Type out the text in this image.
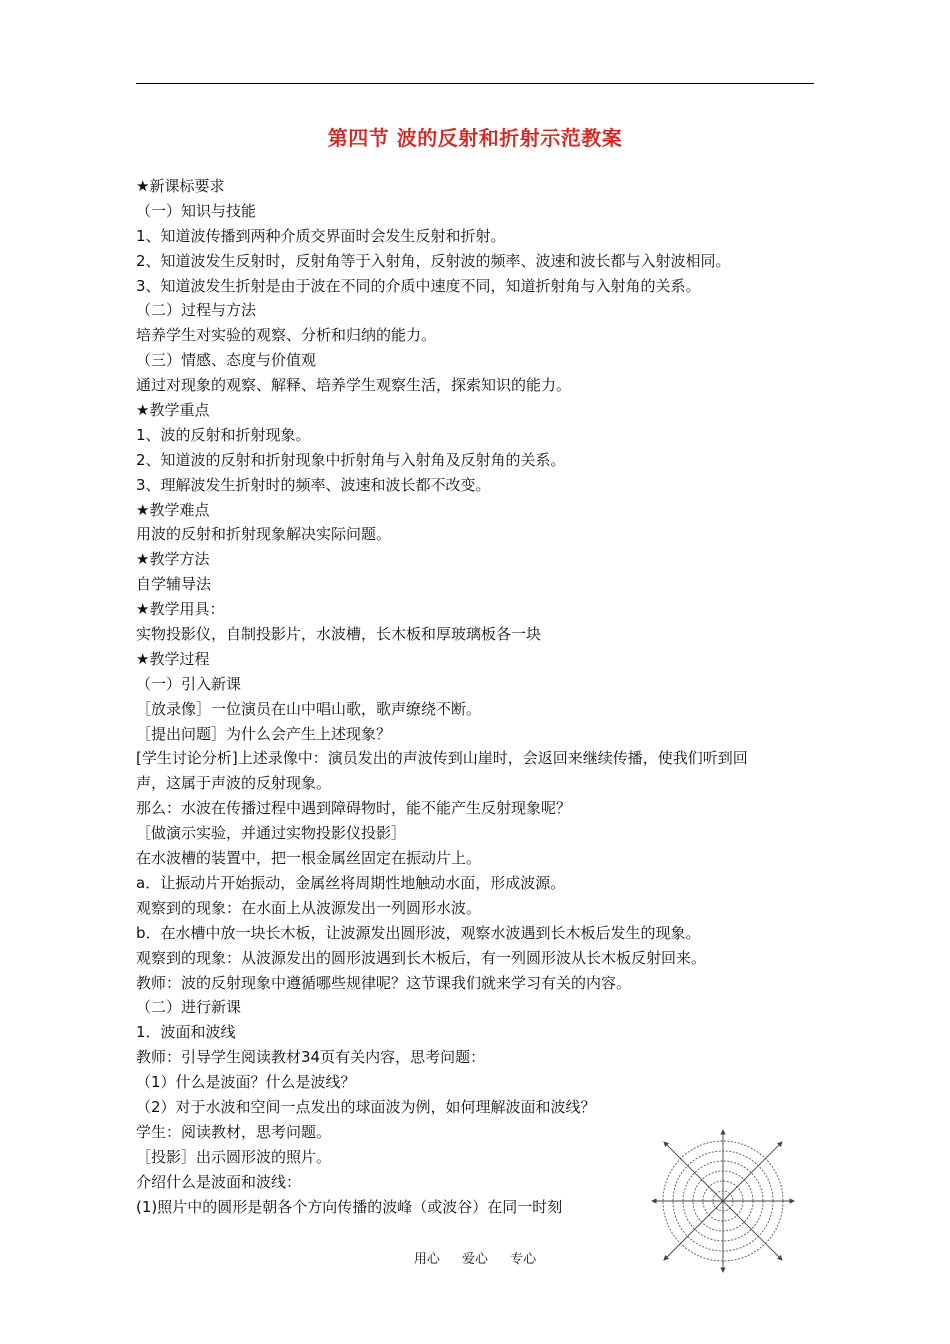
第四节 波的反射和折射示范教案
★新课标要求
（一）知识与技能
1、知道波传播到两种介质交界面时会发生反射和折射。
2、知道波发生反射时，反射角等于入射角，反射波的频率、波速和波长都与入射波相同。
3、知道波发生折射是由于波在不同的介质中速度不同，知道折射角与入射角的关系。
（二）过程与方法
培养学生对实验的观察、分析和归纳的能力。
（三）情感、态度与价值观
通过对现象的观察、解释、培养学生观察生活，探索知识的能力。
★教学重点
1、波的反射和折射现象。
2、知道波的反射和折射现象中折射角与入射角及反射角的关系。
3、理解波发生折射时的频率、波速和波长都不改变。
★教学难点
用波的反射和折射现象解决实际问题。
★教学方法
自学辅导法
★教学用具：
实物投影仪，自制投影片，水波槽，长木板和厚玻璃板各一块
★教学过程
（一）引入新课
［放录像］一位演员在山中唱山歌，歌声缭绕不断。
［提出问题］为什么会产生上述现象？
[学生讨论分析]上述录像中：演员发出的声波传到山崖时，会返回来继续传播，使我们听到回
声，这属于声波的反射现象。
那么：水波在传播过程中遇到障碍物时，能不能产生反射现象呢？
［做演示实验，并通过实物投影仪投影］
在水波槽的装置中，把一根金属丝固定在振动片上。
a．让振动片开始振动，金属丝将周期性地触动水面，形成波源。
观察到的现象：在水面上从波源发出一列圆形水波。
b．在水槽中放一块长木板，让波源发出圆形波，观察水波遇到长木板后发生的现象。
观察到的现象：从波源发出的圆形波遇到长木板后，有一列圆形波从长木板反射回来。
教师：波的反射现象中遵循哪些规律呢？这节课我们就来学习有关的内容。
（二）进行新课
1．波面和波线
教师：引导学生阅读教材34页有关内容，思考问题：
（1）什么是波面？什么是波线？
（2）对于水波和空间一点发出的球面波为例，如何理解波面和波线？
学生：阅读教材，思考问题。
［投影］出示圆形波的照片。
介绍什么是波面和波线：
(1)照片中的圆形是朝各个方向传播的波峰（或波谷）在同一时刻
用心 爱心 专心
